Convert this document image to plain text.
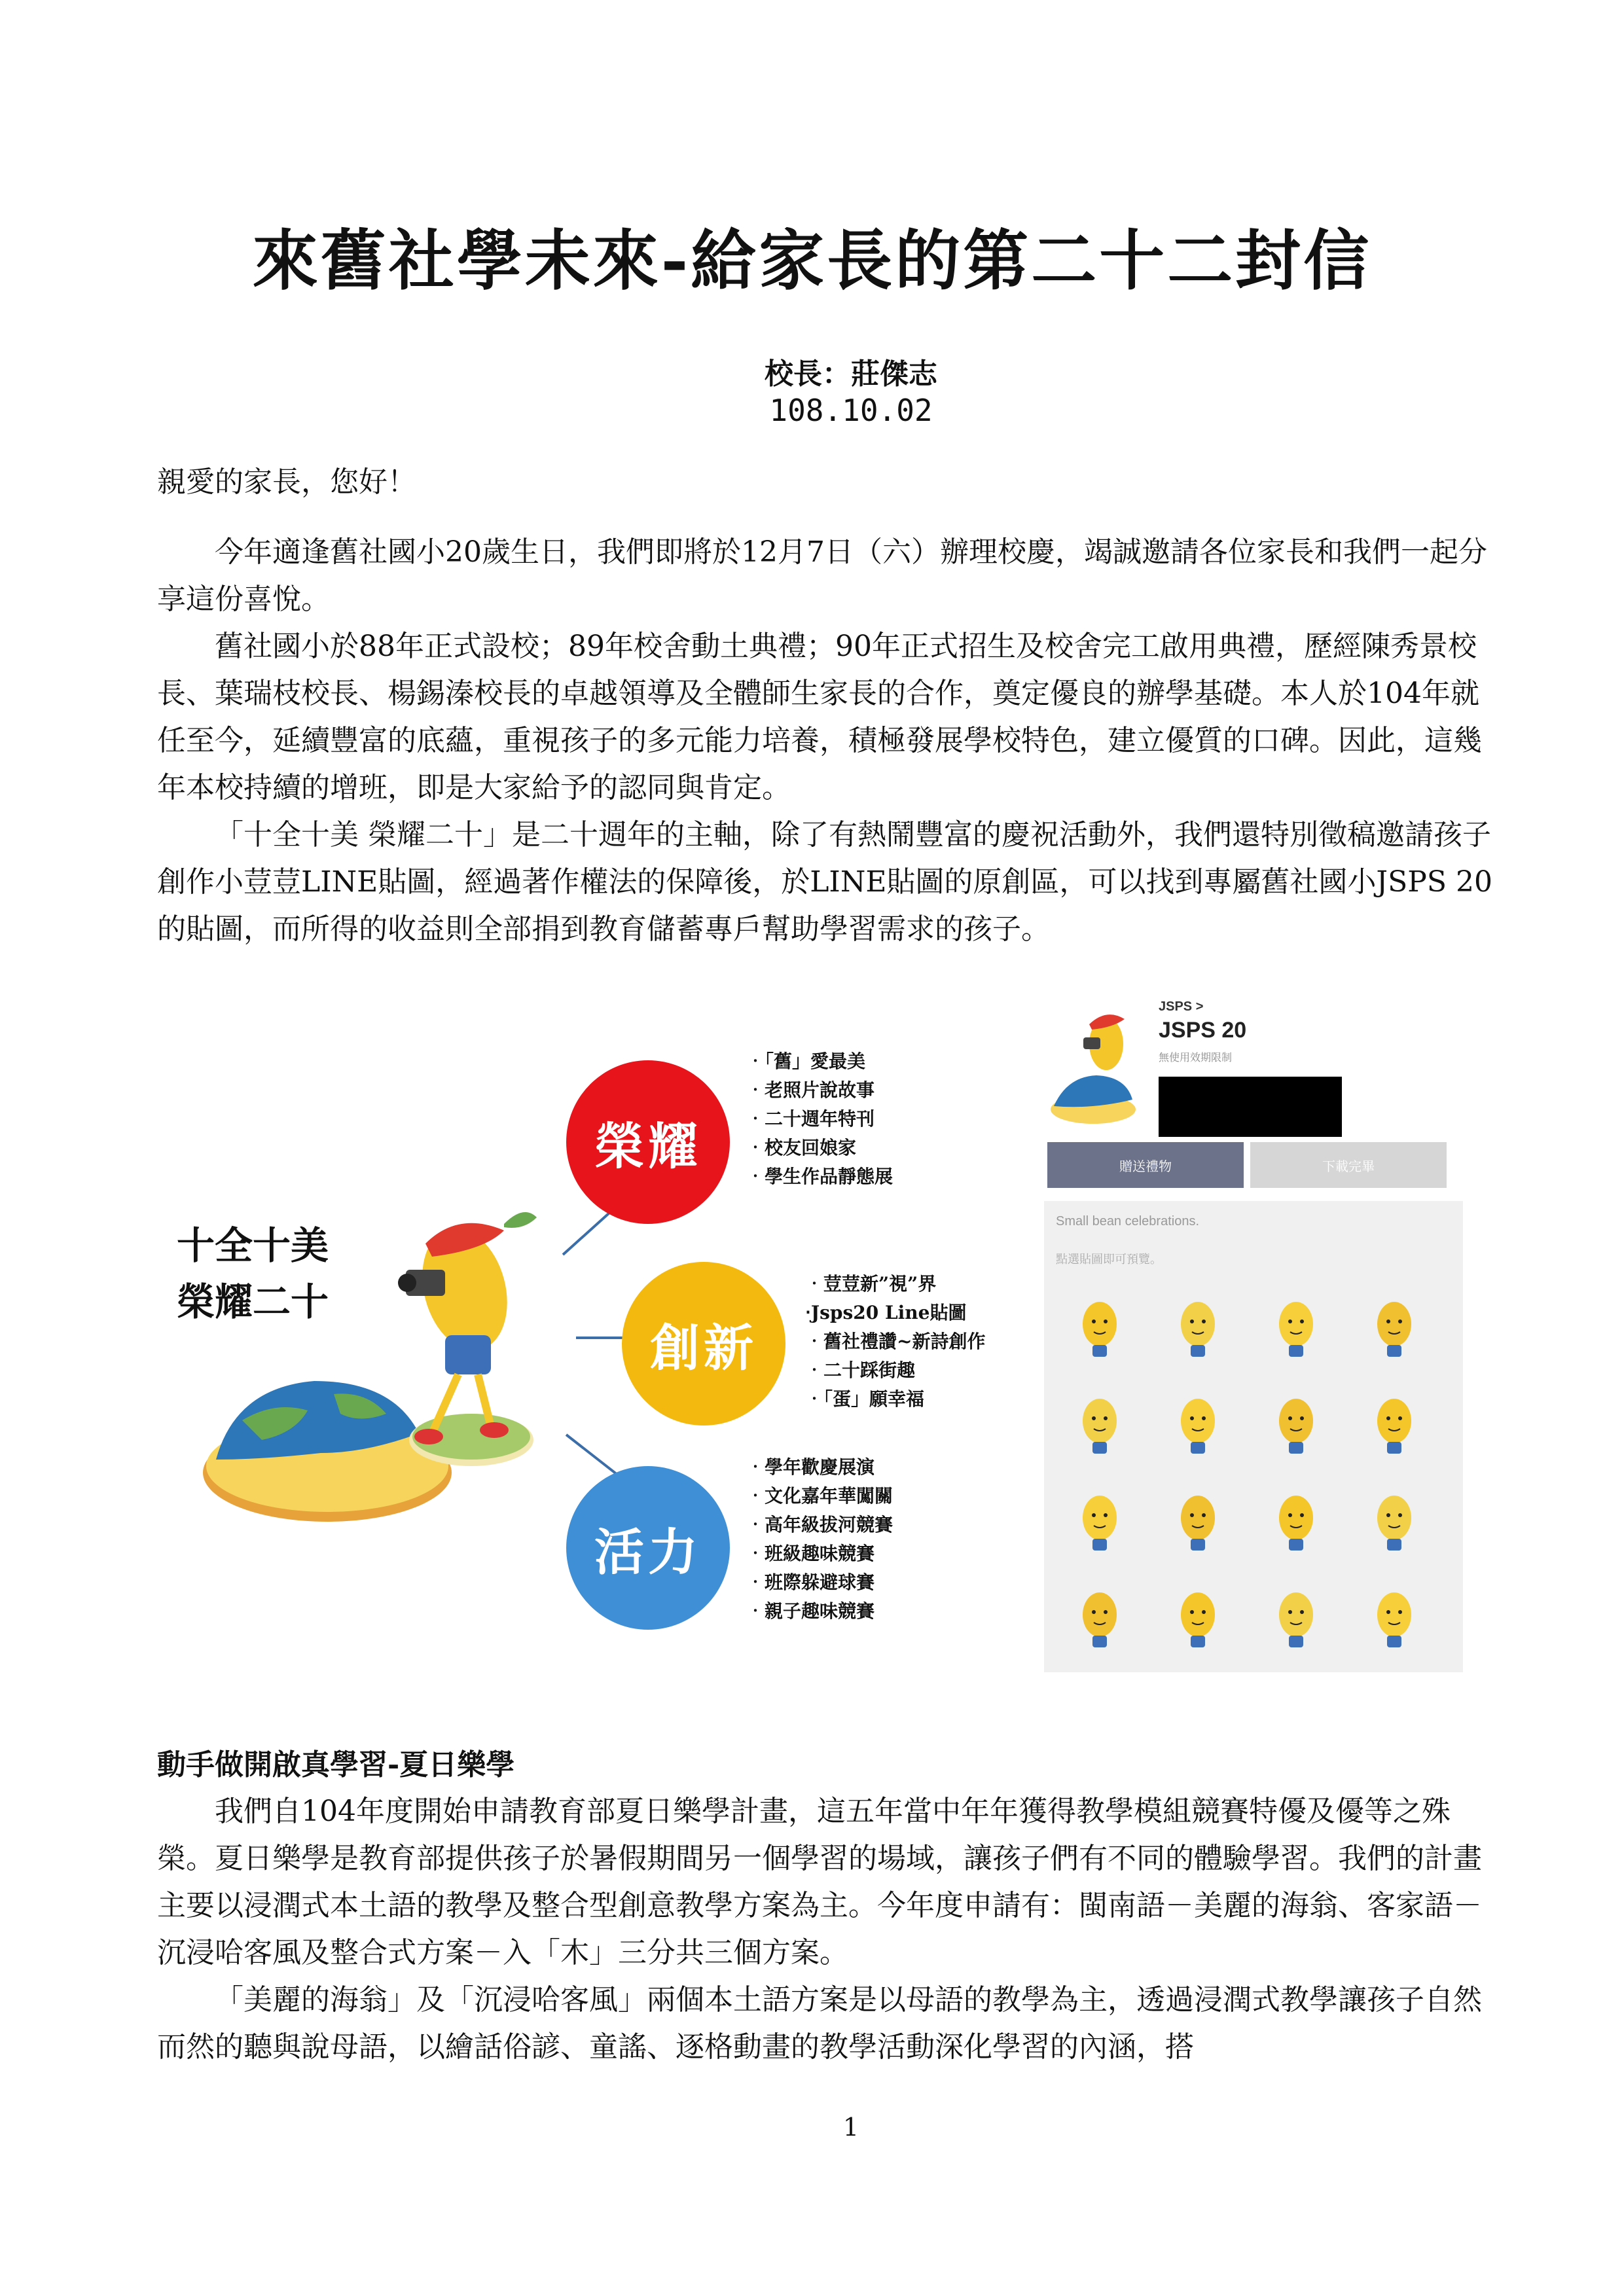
來舊社學未來-給家長的第二十二封信
校長：莊傑志
108.10.02
親愛的家長，您好！

今年適逢舊社國小20歲生日，我們即將於12月7日（六）辦理校慶，竭誠邀請各位家長和我們一起分享這份喜悅。

舊社國小於88年正式設校；89年校舍動土典禮；90年正式招生及校舍完工啟用典禮，歷經陳秀景校長、葉瑞枝校長、楊錫溱校長的卓越領導及全體師生家長的合作，奠定優良的辦學基礎。本人於104年就任至今，延續豐富的底蘊，重視孩子的多元能力培養，積極發展學校特色，建立優質的口碑。因此，這幾年本校持續的增班，即是大家給予的認同與肯定。

「十全十美 榮耀二十」是二十週年的主軸，除了有熱鬧豐富的慶祝活動外，我們還特別徵稿邀請孩子創作小荳荳LINE貼圖，經過著作權法的保障後，於LINE貼圖的原創區，可以找到專屬舊社國小JSPS 20的貼圖，而所得的收益則全部捐到教育儲蓄專戶幫助學習需求的孩子。

十全十美
榮耀二十
榮耀
創新
活力
‧「舊」愛最美
‧老照片說故事
‧二十週年特刊
‧校友回娘家
‧學生作品靜態展
‧荳荳新”視”界
‧Jsps20 Line貼圖
‧舊社禮讚~新詩創作
‧二十踩街趣
‧「蛋」願幸福
‧學年歡慶展演
‧文化嘉年華闖關
‧高年級拔河競賽
‧班級趣味競賽
‧班際躲避球賽
‧親子趣味競賽
JSPS >
JSPS 20
無使用效期限制
贈送禮物	下載完畢
Small bean celebrations.
點選貼圖即可預覽。
動手做開啟真學習-夏日樂學

我們自104年度開始申請教育部夏日樂學計畫，這五年當中年年獲得教學模組競賽特優及優等之殊榮。夏日樂學是教育部提供孩子於暑假期間另一個學習的場域，讓孩子們有不同的體驗學習。我們的計畫主要以浸潤式本土語的教學及整合型創意教學方案為主。今年度申請有：閩南語－美麗的海翁、客家語－沉浸哈客風及整合式方案－入「木」三分共三個方案。

「美麗的海翁」及「沉浸哈客風」兩個本土語方案是以母語的教學為主，透過浸潤式教學讓孩子自然而然的聽與說母語，以繪話俗諺、童謠、逐格動畫的教學活動深化學習的內涵，搭

1
